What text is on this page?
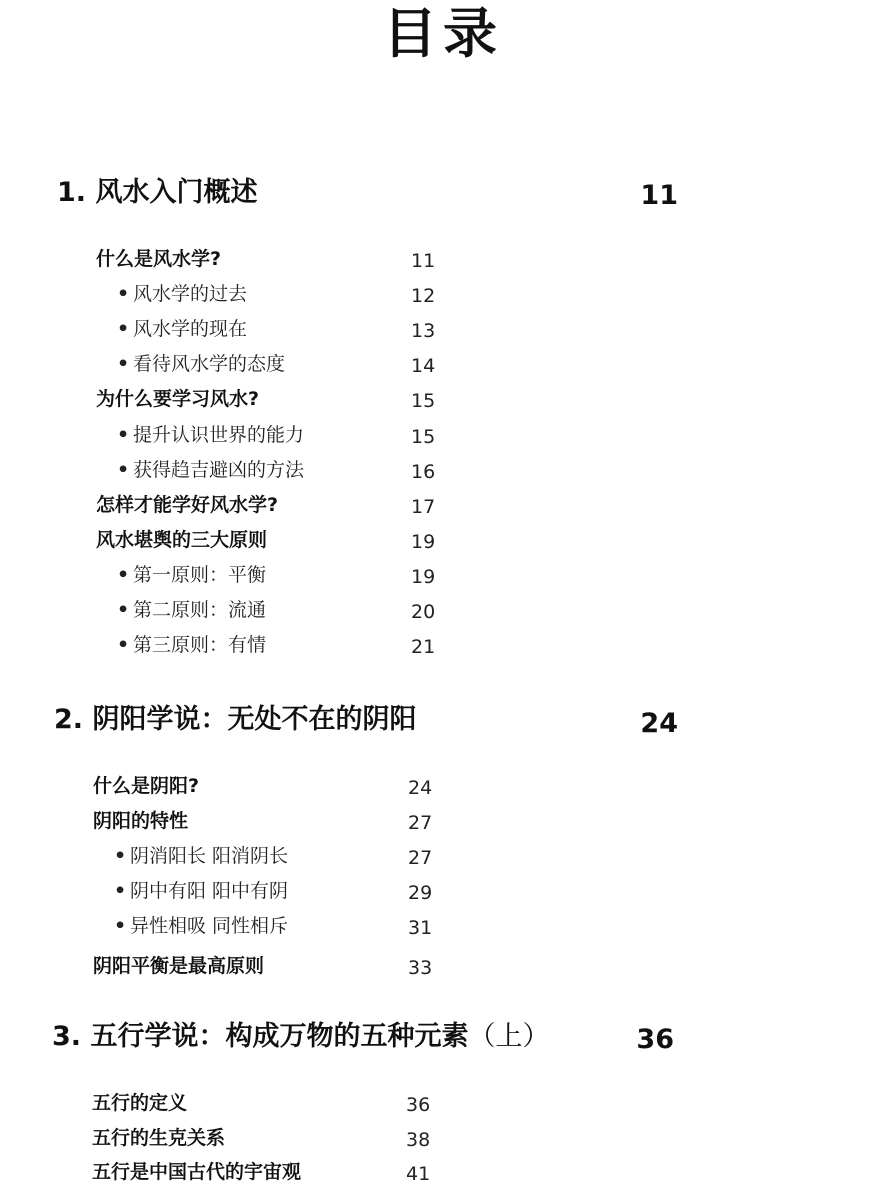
目录
1. 风水入门概述	11
什么是风水学?	11
• 风水学的过去	12
• 风水学的现在	13
• 看待风水学的态度	14
为什么要学习风水?	15
• 提升认识世界的能力	15
• 获得趋吉避凶的方法	16
怎样才能学好风水学?	17
风水堪舆的三大原则	19
• 第一原则：平衡	19
• 第二原则：流通	20
• 第三原则：有情	21
2. 阴阳学说：无处不在的阴阳	24
什么是阴阳?	24
阴阳的特性	27
• 阴消阳长 阳消阴长	27
• 阴中有阳 阳中有阴	29
• 异性相吸 同性相斥	31
阴阳平衡是最高原则	33
3. 五行学说：构成万物的五种元素（上）	36
五行的定义	36
五行的生克关系	38
五行是中国古代的宇宙观	41
